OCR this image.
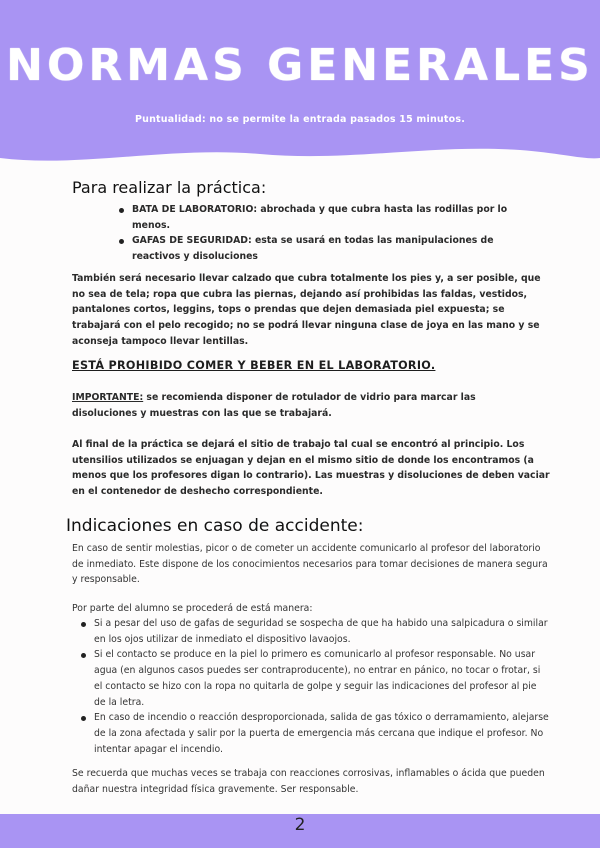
NORMAS GENERALES
Puntualidad: no se permite la entrada pasados 15 minutos.
Para realizar la práctica:
BATA DE LABORATORIO: abrochada y que cubra hasta las rodillas por lo menos.
GAFAS DE SEGURIDAD: esta se usará en todas las manipulaciones de reactivos y disoluciones

También será necesario llevar calzado que cubra totalmente los pies y, a ser posible, que no sea de tela; ropa que cubra las piernas, dejando así prohibidas las faldas, vestidos, pantalones cortos, leggins, tops o prendas que dejen demasiada piel expuesta; se trabajará con el pelo recogido; no se podrá llevar ninguna clase de joya en las mano y se aconseja tampoco llevar lentillas.

ESTÁ PROHIBIDO COMER Y BEBER EN EL LABORATORIO.

IMPORTANTE: se recomienda disponer de rotulador de vidrio para marcar las disoluciones y muestras con las que se trabajará.

Al final de la práctica se dejará el sitio de trabajo tal cual se encontró al principio. Los utensilios utilizados se enjuagan y dejan en el mismo sitio de donde los encontramos (a menos que los profesores digan lo contrario). Las muestras y disoluciones de deben vaciar en el contenedor de deshecho correspondiente.

Indicaciones en caso de accidente:

En caso de sentir molestias, picor o de cometer un accidente comunicarlo al profesor del laboratorio de inmediato. Este dispone de los conocimientos necesarios para tomar decisiones de manera segura y responsable.

Por parte del alumno se procederá de está manera:

Si a pesar del uso de gafas de seguridad se sospecha de que ha habido una salpicadura o similar en los ojos utilizar de inmediato el dispositivo lavaojos.
Si el contacto se produce en la piel lo primero es comunicarlo al profesor responsable. No usar agua (en algunos casos puedes ser contraproducente), no entrar en pánico, no tocar o frotar, si el contacto se hizo con la ropa no quitarla de golpe y seguir las indicaciones del profesor al pie de la letra.
En caso de incendio o reacción desproporcionada, salida de gas tóxico o derramamiento, alejarse de la zona afectada y salir por la puerta de emergencia más cercana que indique el profesor. No intentar apagar el incendio.

Se recuerda que muchas veces se trabaja con reacciones corrosivas, inflamables o ácida que pueden dañar nuestra integridad física gravemente. Ser responsable.

2
